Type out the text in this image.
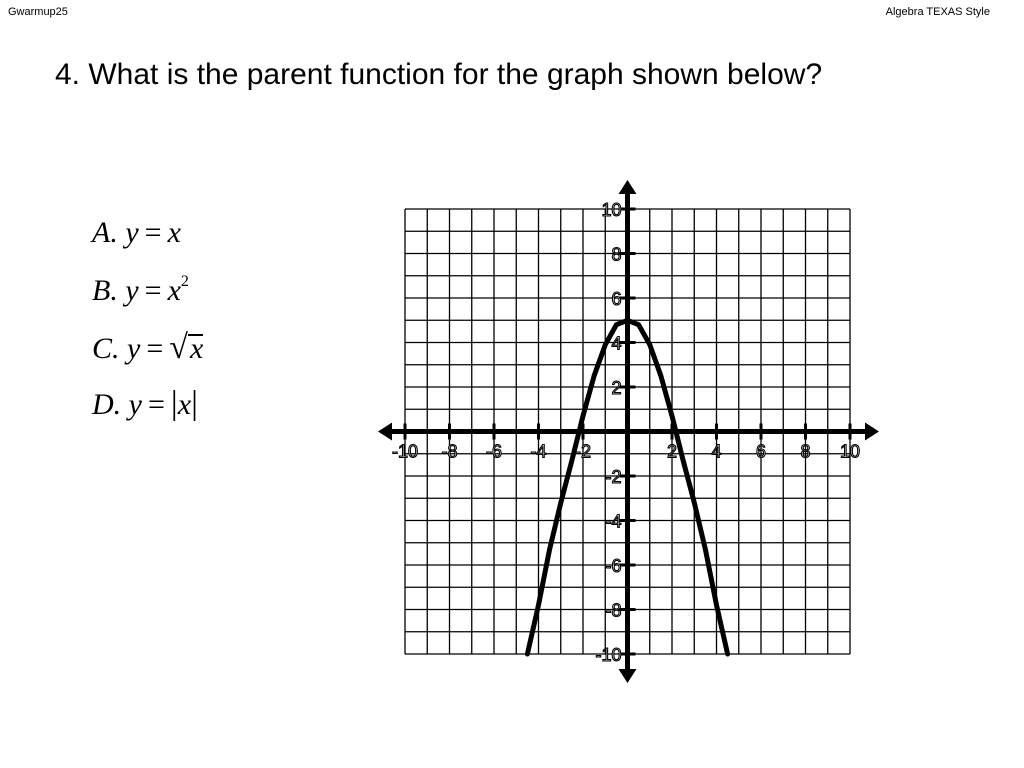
Gwarmup25	Algebra TEXAS Style
4. What is the parent function for the graph shown below?
A. y = x
B. $y = x^2$
C. y = √x
D. y = |x|
-10 -8 -6 -4 -2	2 4 6 8 10
10
8
6
4
2
-2
-4
-6
-8
-10
